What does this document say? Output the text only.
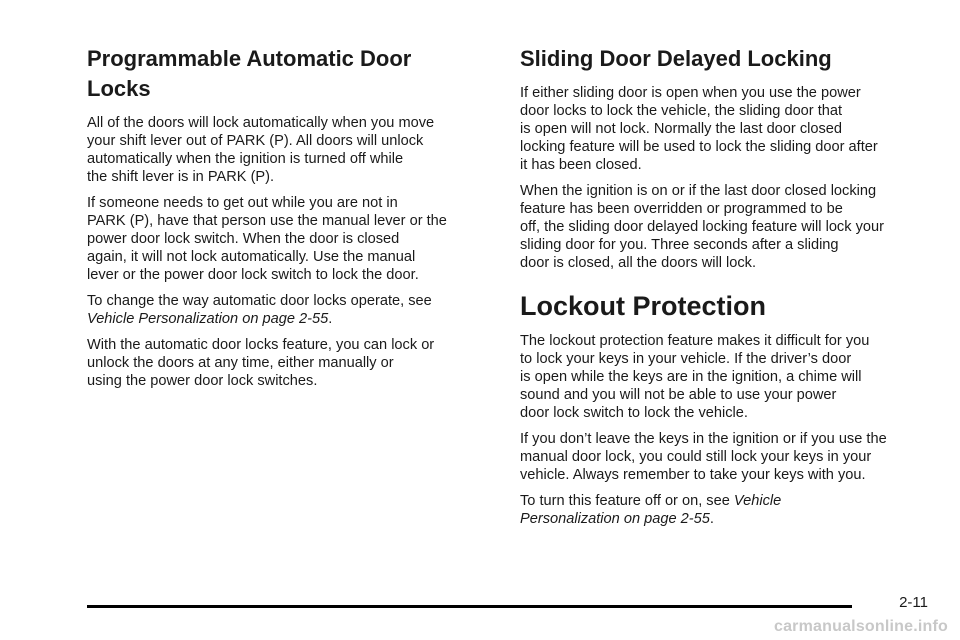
Programmable Automatic Door
Locks

All of the doors will lock automatically when you move
your shift lever out of PARK (P). All doors will unlock
automatically when the ignition is turned off while
the shift lever is in PARK (P).

If someone needs to get out while you are not in
PARK (P), have that person use the manual lever or the
power door lock switch. When the door is closed
again, it will not lock automatically. Use the manual
lever or the power door lock switch to lock the door.

To change the way automatic door locks operate, see
Vehicle Personalization on page 2-55.

With the automatic door locks feature, you can lock or
unlock the doors at any time, either manually or
using the power door lock switches.

Sliding Door Delayed Locking

If either sliding door is open when you use the power
door locks to lock the vehicle, the sliding door that
is open will not lock. Normally the last door closed
locking feature will be used to lock the sliding door after
it has been closed.

When the ignition is on or if the last door closed locking
feature has been overridden or programmed to be
off, the sliding door delayed locking feature will lock your
sliding door for you. Three seconds after a sliding
door is closed, all the doors will lock.

Lockout Protection

The lockout protection feature makes it difficult for you
to lock your keys in your vehicle. If the driver’s door
is open while the keys are in the ignition, a chime will
sound and you will not be able to use your power
door lock switch to lock the vehicle.

If you don’t leave the keys in the ignition or if you use the
manual door lock, you could still lock your keys in your
vehicle. Always remember to take your keys with you.

To turn this feature off or on, see Vehicle
Personalization on page 2-55.

2-11
carmanualsonline.info
